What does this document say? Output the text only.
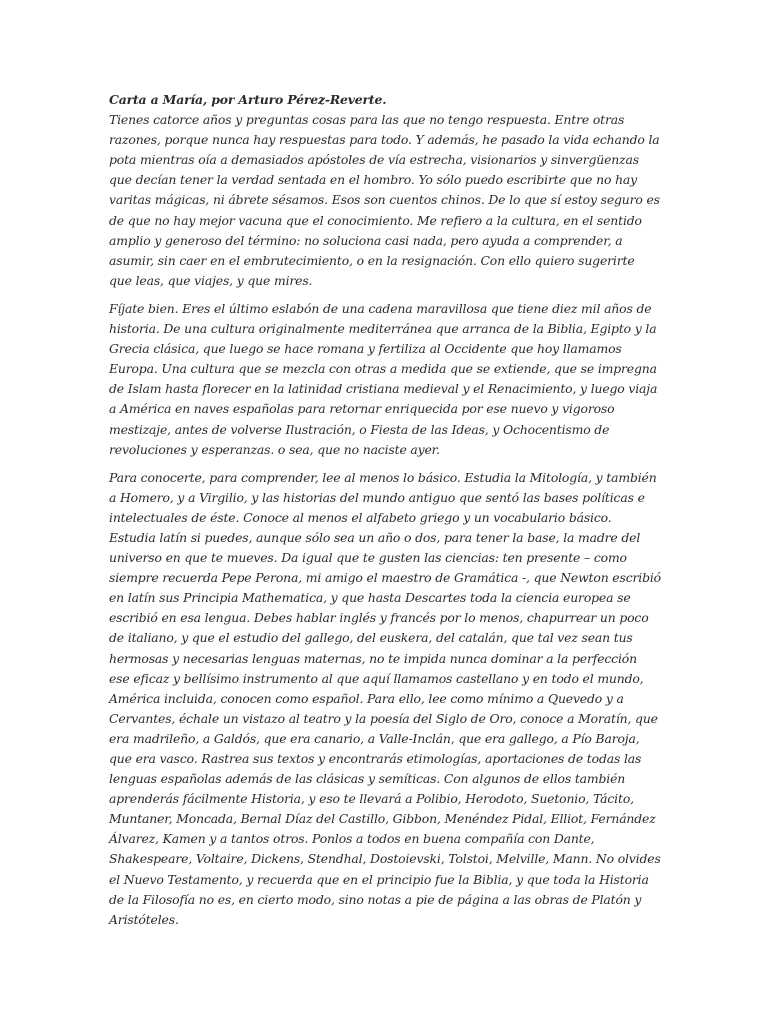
Carta a María, por Arturo Pérez-Reverte.

Tienes catorce años y preguntas cosas para las que no tengo respuesta. Entre otras razones, porque nunca hay respuestas para todo. Y además, he pasado la vida echando la pota mientras oía a demasiados apóstoles de vía estrecha, visionarios y sinvergüenzas que decían tener la verdad sentada en el hombro. Yo sólo puedo escribirte que no hay varitas mágicas, ni ábrete sésamos. Esos son cuentos chinos. De lo que sí estoy seguro es de que no hay mejor vacuna que el conocimiento. Me refiero a la cultura, en el sentido amplio y generoso del término: no soluciona casi nada, pero ayuda a comprender, a asumir, sin caer en el embrutecimiento, o en la resignación. Con ello quiero sugerirte que leas, que viajes, y que mires.

Fíjate bien. Eres el último eslabón de una cadena maravillosa que tiene diez mil años de historia. De una cultura originalmente mediterránea que arranca de la Biblia, Egipto y la Grecia clásica, que luego se hace romana y fertiliza al Occidente que hoy llamamos Europa. Una cultura que se mezcla con otras a medida que se extiende, que se impregna de Islam hasta florecer en la latinidad cristiana medieval y el Renacimiento, y luego viaja a América en naves españolas para retornar enriquecida por ese nuevo y vigoroso mestizaje, antes de volverse Ilustración, o Fiesta de las Ideas, y Ochocentismo de revoluciones y esperanzas. o sea, que no naciste ayer.

Para conocerte, para comprender, lee al menos lo básico. Estudia la Mitología, y también a Homero, y a Virgilio, y las historias del mundo antiguo que sentó las bases políticas e intelectuales de éste. Conoce al menos el alfabeto griego y un vocabulario básico. Estudia latín si puedes, aunque sólo sea un año o dos, para tener la base, la madre del universo en que te mueves. Da igual que te gusten las ciencias: ten presente – como siempre recuerda Pepe Perona, mi amigo el maestro de Gramática -, que Newton escribió en latín sus Principia Mathematica, y que hasta Descartes toda la ciencia europea se escribió en esa lengua. Debes hablar inglés y francés por lo menos, chapurrear un poco de italiano, y que el estudio del gallego, del euskera, del catalán, que tal vez sean tus hermosas y necesarias lenguas maternas, no te impida nunca dominar a la perfección ese eficaz y bellísimo instrumento al que aquí llamamos castellano y en todo el mundo, América incluida, conocen como español. Para ello, lee como mínimo a Quevedo y a Cervantes, échale un vistazo al teatro y la poesía del Siglo de Oro, conoce a Moratín, que era madrileño, a Galdós, que era canario, a Valle-Inclán, que era gallego, a Pío Baroja, que era vasco. Rastrea sus textos y encontrarás etimologías, aportaciones de todas las lenguas españolas además de las clásicas y semíticas. Con algunos de ellos también aprenderás fácilmente Historia, y eso te llevará a Polibio, Herodoto, Suetonio, Tácito, Muntaner, Moncada, Bernal Díaz del Castillo, Gibbon, Menéndez Pidal, Elliot, Fernández Álvarez, Kamen y a tantos otros. Ponlos a todos en buena compañía con Dante, Shakespeare, Voltaire, Dickens, Stendhal, Dostoievski, Tolstoi, Melville, Mann. No olvides el Nuevo Testamento, y recuerda que en el principio fue la Biblia, y que toda la Historia de la Filosofía no es, en cierto modo, sino notas a pie de página a las obras de Platón y Aristóteles.
